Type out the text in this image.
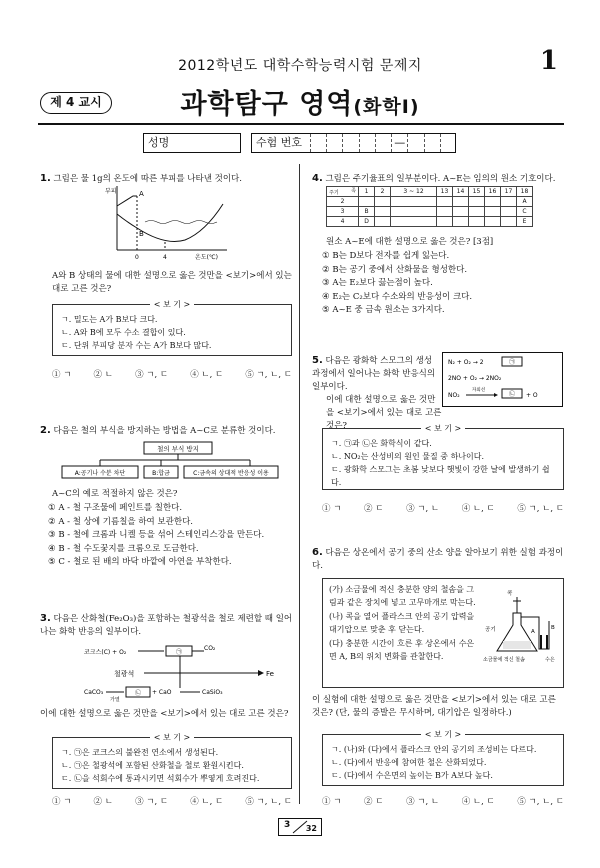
2012학년도 대학수학능력시험 문제지	1
제 4 교시	과학탐구 영역(화학Ⅰ)
성명	수험 번호	—
1. 그림은 물 1g의 온도에 따른 부피를 나타낸 것이다.
부피	A
B
0	4	온도(℃)
A와 B 상태의 물에 대한 설명으로 옳은 것만을 <보기>에서 있는 대로 고른 것은?
< 보 기 >
ㄱ. 밀도는 A가 B보다 크다.
ㄴ. A와 B에 모두 수소 결합이 있다.
ㄷ. 단위 부피당 분자 수는 A가 B보다 많다.
① ㄱ	② ㄴ	③ ㄱ, ㄷ	④ ㄴ, ㄷ	⑤ ㄱ, ㄴ, ㄷ
2. 다음은 철의 부식을 방지하는 방법을 A~C로 분류한 것이다.
철의 부식 방지
A:공기나 수분 차단	B:합금	C:금속의 상대적 반응성 이용
A~C의 예로 적절하지 않은 것은?
① A - 철 구조물에 페인트를 칠한다.
② A - 철 상에 기름칠을 하여 보관한다.
③ B - 철에 크롬과 니켈 등을 섞어 스테인리스강을 만든다.
④ B - 철 수도꿏지를 크롬으로 도금한다.
⑤ C - 철로 된 배의 바닥 바깥에 아연을 부착한다.
3. 다음은 산화철(Fe₂O₃)을 포함하는 철광석을 철로 제련할 때 일어나는 화학 반응의 일부이다.
코크스(C) + O₂	㉠
CO₂
철광석	Fe
CaCO₃
가열
㉡ + CaO	CaSiO₃
이에 대한 설명으로 옳은 것만을 <보기>에서 있는 대로 고른 것은?
< 보 기 >
ㄱ. ㉠은 코크스의 불완전 연소에서 생성된다.
ㄴ. ㉠은 철광석에 포함된 산화철을 철로 환원시킨다.
ㄷ. ㉡을 석회수에 통과시키면 석회수가 뿌옇게 흐려진다.
① ㄱ	② ㄴ	③ ㄱ, ㄷ	④ ㄴ, ㄷ	⑤ ㄱ, ㄴ, ㄷ
4. 그림은 주기율표의 일부분이다. A~E는 임의의 원소 기호이다.
족
주기	1	2	3 ~ 12	13	14	15	16	17	18
2									A
3	B								C
4	D								E
원소 A~E에 대한 설명으로 옳은 것은? [3점]
① B는 D보다 전자를 쉽게 잃는다.
② B는 공기 중에서 산화물을 형성한다.
③ A는 E₂보다 끓는점이 높다.
④ E₂는 C₂보다 수소와의 반응성이 크다.
⑤ A~E 중 금속 원소는 3가지다.
5. 다음은 광화학 스모그의 생성 과정에서 일어나는 화학 반응식의 일부이다.
N₂ + O₂ → 2	㉠
2NO + O₂ → 2NO₂
NO₂
자외선
㉡ + O
이에 대한 설명으로 옳은 것만을 <보기>에서 있는 대로 고른 것은?	< 보 기 >
ㄱ. ㉠과 ㉡은 화학식이 같다.
ㄴ. NO₂는 산성비의 원인 물질 중 하나이다.
ㄷ. 광화학 스모그는 초봄 낮보다 햇빛이 강한 날에 발생하기 쉽다.
① ㄱ	② ㄷ	③ ㄱ, ㄴ	④ ㄴ, ㄷ	⑤ ㄱ, ㄴ, ㄷ
6. 다음은 상온에서 공기 중의 산소 양을 알아보기 위한 실험 과정이다.
(가) 소금물에 적신 충분한 양의 철솜을 그림과 같은 장치에 넣고 고무마개로 막는다.
(나) 콕을 열어 플라스크 안의 공기 압력을 대기압으로 맞춘 후 닫는다.
(다) 충분한 시간이 흐른 후 상온에서 수은면 A, B의 위치 변화를 관찰한다.
콕
공기	A
B
소금물에 적신 철솜	수은
이 실험에 대한 설명으로 옳은 것만을 <보기>에서 있는 대로 고른 것은? (단, 물의 증발은 무시하며, 대기압은 일정하다.)
< 보 기 >
ㄱ. (나)와 (다)에서 플라스크 안의 공기의 조성비는 다르다.
ㄴ. (다)에서 반응에 참여한 철은 산화되었다.
ㄷ. (다)에서 수은면의 높이는 B가 A보다 높다.
① ㄱ	② ㄷ	③ ㄱ, ㄴ	④ ㄴ, ㄷ	⑤ ㄱ, ㄴ, ㄷ
3 32
